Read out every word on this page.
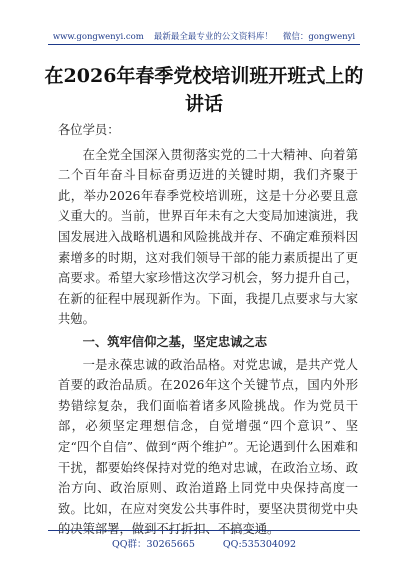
www.gongwenyi.com 最新最全最专业的公文资料库！ 微信：gongwenyi
在2026年春季党校培训班开班式上的讲话

各位学员：

在全党全国深入贯彻落实党的二十大精神、向着第二个百年奋斗目标奋勇迈进的关键时期，我们齐聚于此，举办2026年春季党校培训班，这是十分必要且意义重大的。当前，世界百年未有之大变局加速演进，我国发展进入战略机遇和风险挑战并存、不确定难预料因素增多的时期，这对我们领导干部的能力素质提出了更高要求。希望大家珍惜这次学习机会，努力提升自己，在新的征程中展现新作为。下面，我提几点要求与大家共勉。

一、筑牢信仰之基，坚定忠诚之志

一是永葆忠诚的政治品格。对党忠诚，是共产党人首要的政治品质。在2026年这个关键节点，国内外形势错综复杂，我们面临着诸多风险挑战。作为党员干部，必须坚定理想信念，自觉增强“四个意识”、坚定“四个自信”、做到“两个维护”。无论遇到什么困难和干扰，都要始终保持对党的绝对忠诚，在政治立场、政治方向、政治原则、政治道路上同党中央保持高度一致。比如，在应对突发公共事件时，要坚决贯彻党中央的决策部署，做到不打折扣、不搞变通。

QQ群：30265665	QQ:535304092
